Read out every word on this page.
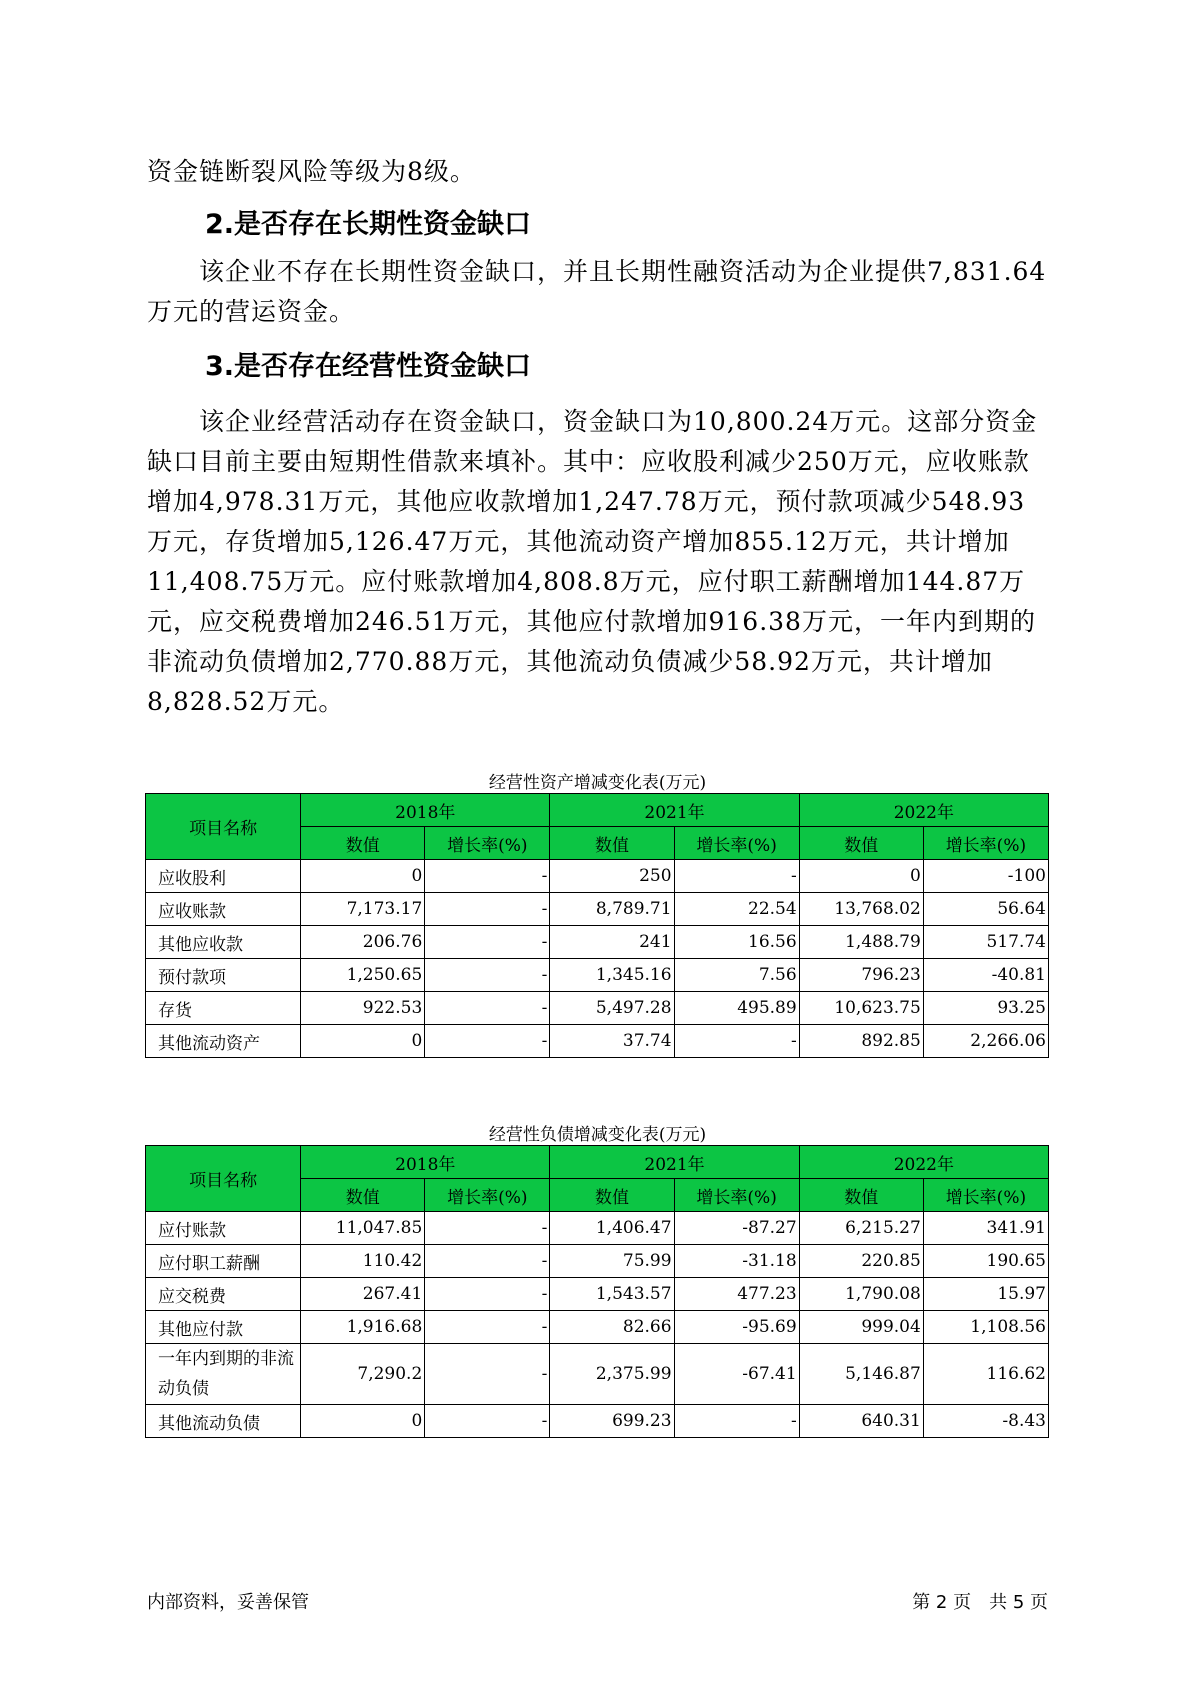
资金链断裂风险等级为8级。

2.是否存在长期性资金缺口

该企业不存在长期性资金缺口，并且长期性融资活动为企业提供7,831.64万元的营运资金。

3.是否存在经营性资金缺口

该企业经营活动存在资金缺口，资金缺口为10,800.24万元。这部分资金缺口目前主要由短期性借款来填补。其中：应收股利减少250万元，应收账款增加4,978.31万元，其他应收款增加1,247.78万元，预付款项减少548.93万元，存货增加5,126.47万元，其他流动资产增加855.12万元，共计增加11,408.75万元。应付账款增加4,808.8万元，应付职工薪酬增加144.87万元，应交税费增加246.51万元，其他应付款增加916.38万元，一年内到期的非流动负债增加2,770.88万元，其他流动负债减少58.92万元，共计增加8,828.52万元。

经营性资产增减变化表(万元)
项目名称	2018年		2021年		2022年	
	数值	增长率(%)	数值	增长率(%)	数值	增长率(%)
应收股利	0	-	250	-	0	-100
应收账款	7,173.17	-	8,789.71	22.54	13,768.02	56.64
其他应收款	206.76	-	241	16.56	1,488.79	517.74
预付款项	1,250.65	-	1,345.16	7.56	796.23	-40.81
存货	922.53	-	5,497.28	495.89	10,623.75	93.25
其他流动资产	0	-	37.74	-	892.85	2,266.06
经营性负债增减变化表(万元)
项目名称	2018年		2021年		2022年	
	数值	增长率(%)	数值	增长率(%)	数值	增长率(%)
应付账款	11,047.85	-	1,406.47	-87.27	6,215.27	341.91
应付职工薪酬	110.42	-	75.99	-31.18	220.85	190.65
应交税费	267.41	-	1,543.57	477.23	1,790.08	15.97
其他应付款	1,916.68	-	82.66	-95.69	999.04	1,108.56
一年内到期的非流动负债	7,290.2	-	2,375.99	-67.41	5,146.87	116.62
其他流动负债	0	-	699.23	-	640.31	-8.43
内部资料，妥善保管	第 2 页　共 5 页
